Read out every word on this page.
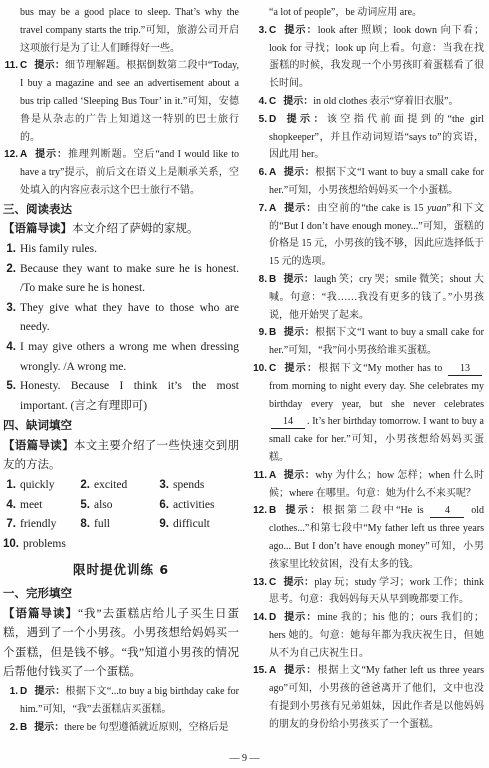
bus may be a good place to sleep. That’s why the travel company starts the trip.”可知，旅游公司开启这项旅行是为了让人们睡得好一些。

11. C 提示：细节理解题。根据倒数第二段中“Today, I buy a magazine and see an advertisement about a bus trip called ‘Sleeping Bus Tour’ in it.”可知，安德鲁是从杂志的广告上知道这一特别的巴士旅行的。

12. A 提示：推理判断题。空后“and I would like to have a try”提示，前后文在语义上是顺承关系，空处填入的内容应表示这个巴士旅行不错。

三、阅读表达

【语篇导读】本文介绍了萨姆的家规。

1. His family rules.

2. Because they want to make sure he is honest. /To make sure he is honest.

3. They give what they have to those who are needy.

4. I may give others a wrong me when dressing wrongly. /A wrong me.

5. Honesty. Because I think it’s the most important. (言之有理即可)

四、缺词填空

【语篇导读】本文主要介绍了一些快速交到朋友的方法。

1. quickly	2. excited	3. spends
4. meet	5. also	6. activities
7. friendly	8. full	9. difficult
10. problems
限时提优训练 6
一、完形填空

【语篇导读】“我”去蛋糕店给儿子买生日蛋糕，遇到了一个小男孩。小男孩想给妈妈买一个蛋糕，但是钱不够。“我”知道小男孩的情况后帮他付钱买了一个蛋糕。

1. D 提示：根据下文“...to buy a big birthday cake for him.”可知，“我”去蛋糕店买蛋糕。

2. B 提示：there be 句型遵循就近原则，空格后是

“a lot of people”，be 动词应用 are。

3. C 提示：look after 照顾；look down 向下看；look for 寻找；look up 向上看。句意：当我在找蛋糕的时候，我发现一个小男孩盯着蛋糕看了很长时间。

4. C 提示：in old clothes 表示“穿着旧衣服”。

5. D 提示：该空指代前面提到的“the girl shopkeeper”，并且作动词短语“says to”的宾语，因此用 her。

6. A 提示：根据下文“I want to buy a small cake for her.”可知，小男孩想给妈妈买一个小蛋糕。

7. A 提示：由空前的“the cake is 15 yuan”和下文的“But I don’t have enough money...”可知，蛋糕的价格是 15 元，小男孩的钱不够，因此应选择低于 15 元的选项。

8. B 提示：laugh 笑；cry 哭；smile 微笑；shout 大喊。句意：“我……我没有更多的钱了。”小男孩说，他开始哭了起来。

9. B 提示：根据下文“I want to buy a small cake for her.”可知，“我”问小男孩给谁买蛋糕。

10. C 提示：根据下文“My mother has to 13 from morning to night every day. She celebrates my birthday every year, but she never celebrates 14 . It’s her birthday tomorrow. I want to buy a small cake for her.”可知，小男孩想给妈妈买蛋糕。

11. A 提示：why 为什么；how 怎样；when 什么时候；where 在哪里。句意：她为什么不来买呢？

12. B 提示：根据第二段中“He is 4 old clothes...”和第七段中“My father left us three years ago... But I don’t have enough money”可知，小男孩家里比较贫困，没有太多的钱。

13. C 提示：play 玩；study 学习；work 工作；think 思考。句意：我妈妈每天从早到晚都要工作。

14. D 提示：mine 我的；his 他的；ours 我们的；hers 她的。句意：她每年都为我庆祝生日，但她从不为自己庆祝生日。

15. A 提示：根据上文“My father left us three years ago”可知，小男孩的爸爸离开了他们，文中也没有提到小男孩有兄弟姐妹，因此作者是以他妈妈的朋友的身份给小男孩买了一个蛋糕。

— 9 —
